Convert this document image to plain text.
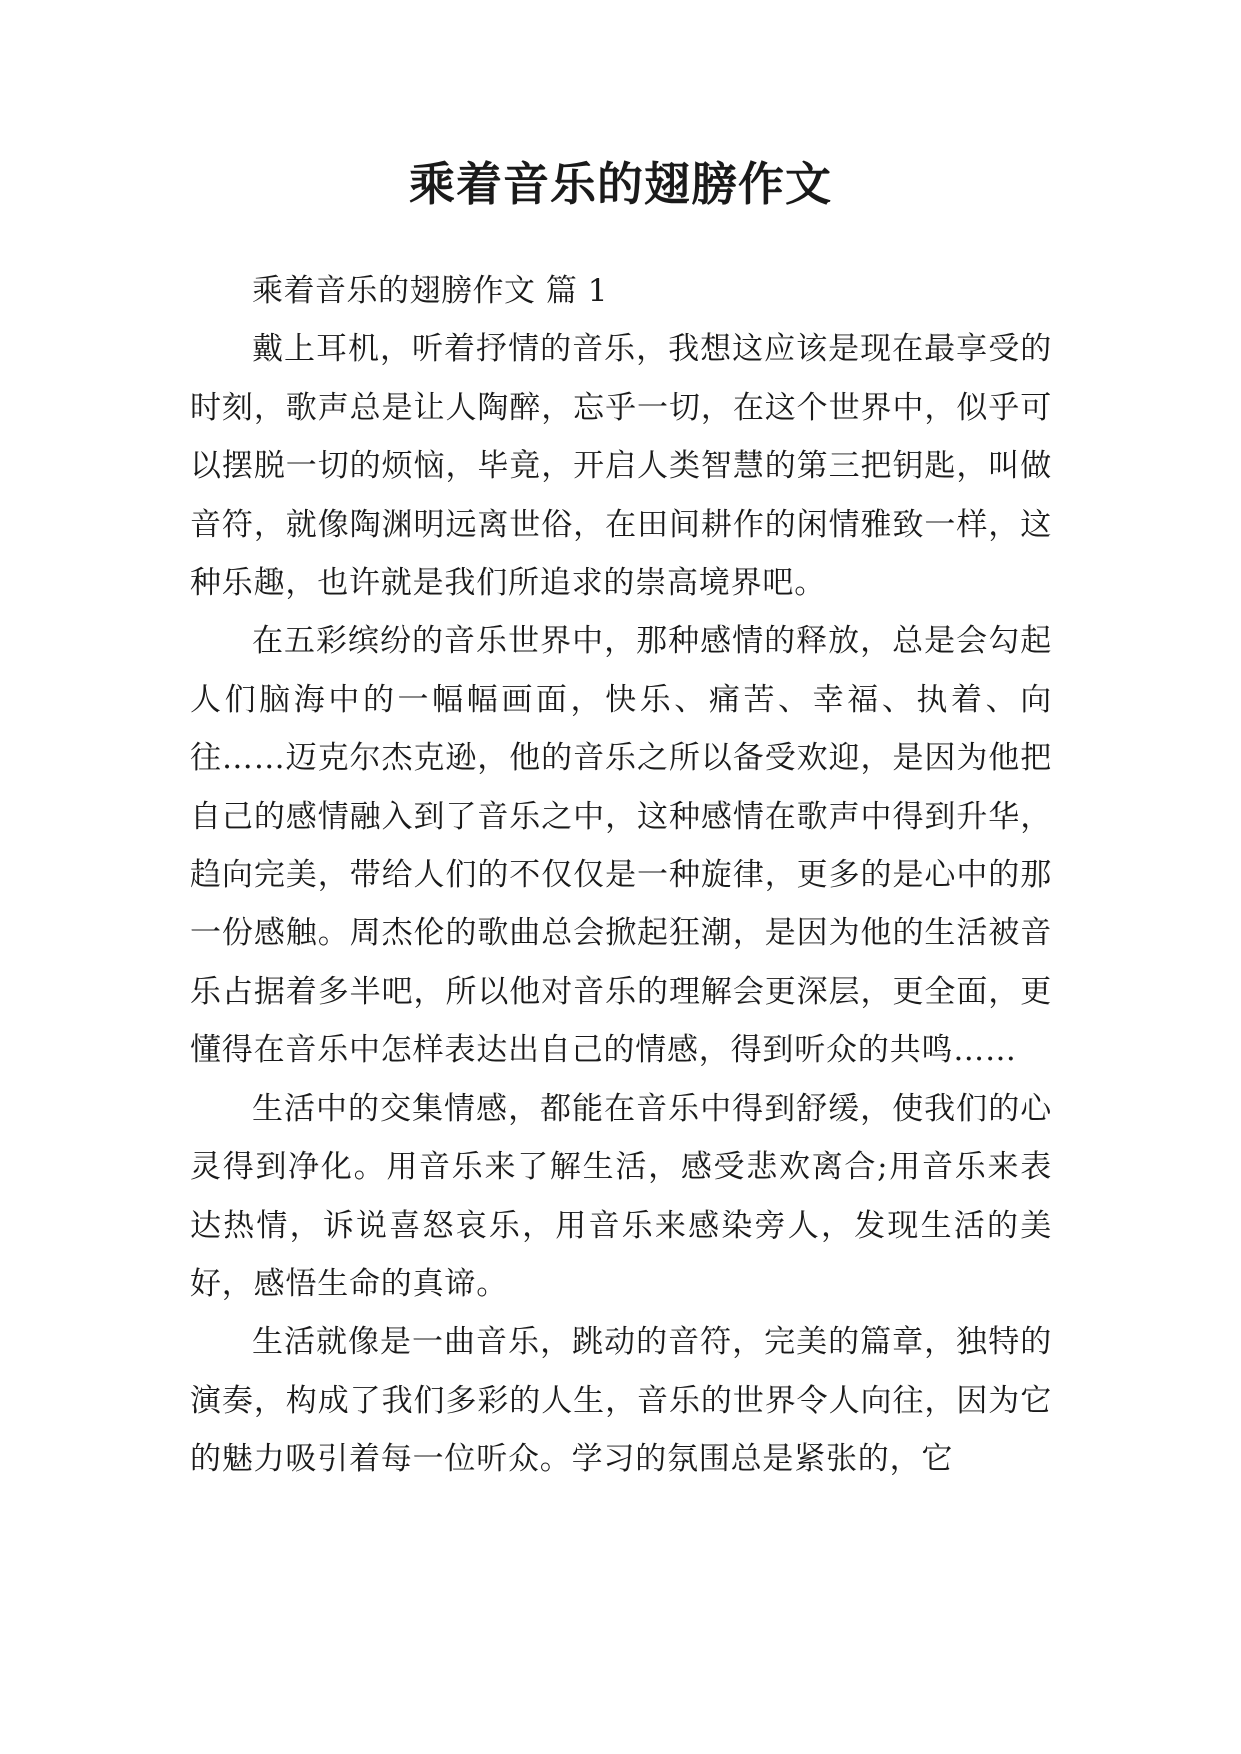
乘着音乐的翅膀作文

乘着音乐的翅膀作文 篇 1

戴上耳机，听着抒情的音乐，我想这应该是现在最享受的时刻，歌声总是让人陶醉，忘乎一切，在这个世界中，似乎可以摆脱一切的烦恼，毕竟，开启人类智慧的第三把钥匙，叫做音符，就像陶渊明远离世俗，在田间耕作的闲情雅致一样，这种乐趣，也许就是我们所追求的崇高境界吧。

在五彩缤纷的音乐世界中，那种感情的释放，总是会勾起人们脑海中的一幅幅画面，快乐、痛苦、幸福、执着、向往……迈克尔杰克逊，他的音乐之所以备受欢迎，是因为他把自己的感情融入到了音乐之中，这种感情在歌声中得到升华，趋向完美，带给人们的不仅仅是一种旋律，更多的是心中的那一份感触。周杰伦的歌曲总会掀起狂潮，是因为他的生活被音乐占据着多半吧，所以他对音乐的理解会更深层，更全面，更懂得在音乐中怎样表达出自己的情感，得到听众的共鸣……

生活中的交集情感，都能在音乐中得到舒缓，使我们的心灵得到净化。用音乐来了解生活，感受悲欢离合;用音乐来表达热情，诉说喜怒哀乐，用音乐来感染旁人，发现生活的美好，感悟生命的真谛。

生活就像是一曲音乐，跳动的音符，完美的篇章，独特的演奏，构成了我们多彩的人生，音乐的世界令人向往，因为它的魅力吸引着每一位听众。学习的氛围总是紧张的，它
